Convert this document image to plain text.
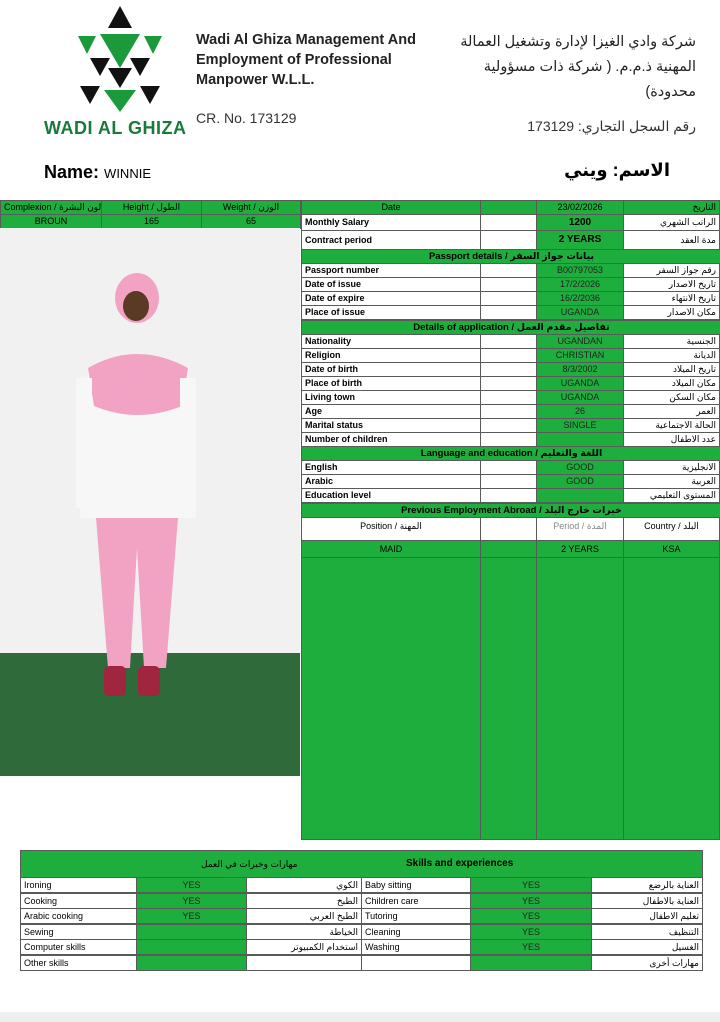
WADI AL GHIZA
Wadi Al Ghiza Management And Employment of Professional Manpower W.L.L.
CR. No. 173129
شركة وادي الغيزا لإدارة وتشغيل العمالة المهنية ذ.م.م. ( شركة ذات مسؤولية محدودة)
رقم السجل التجاري: 173129
Name: WINNIE	الاسم: ويني
Complexion / لون البشرة	Height / الطول	Weight / الوزن
BROUN	165	65
Date	23/02/2026	التاريخ
Monthly Salary	1200	الراتب الشهري
Contract period	2 YEARS	مدة العقد
Passport details / بيانات جواز السفر
Passport number	B00797053	رقم جواز السفر
Date of issue	17/2/2026	تاريخ الاصدار
Date of expire	16/2/2036	تاريخ الانتهاء
Place of issue	UGANDA	مكان الاصدار
Details of application / تفاصيل مقدم العمل
Nationality	UGANDAN	الجنسية
Religion	CHRISTIAN	الديانة
Date of birth	8/3/2002	تاريخ الميلاد
Place of birth	UGANDA	مكان الميلاد
Living town	UGANDA	مكان السكن
Age	26	العمر
Marital status	SINGLE	الحالة الاجتماعية
Number of children	عدد الاطفال
Language and education / اللغة والتعليم
English	GOOD	الانجليزية
Arabic	GOOD	العربية
Education level	المستوى التعليمي
Previous Employment Abroad / خبرات خارج البلد
Position / المهنة	Period / المدة	Country / البلد
MAID	2 YEARS	KSA
مهارات وخبرات في العمل	Skills and experiences
Ironing	YES	الكوي Baby sitting	YES	العناية بالرضع
Cooking	YES	الطبخ Children care	YES	العناية بالاطفال
Arabic cooking	YES	الطبخ العربي Tutoring	YES	تعليم الاطفال
Sewing	الخياطة Cleaning	YES	التنظيف
Computer skills	استخدام الكمبيوتر Washing	YES	الغسيل
Other skills	مهارات أخرى
